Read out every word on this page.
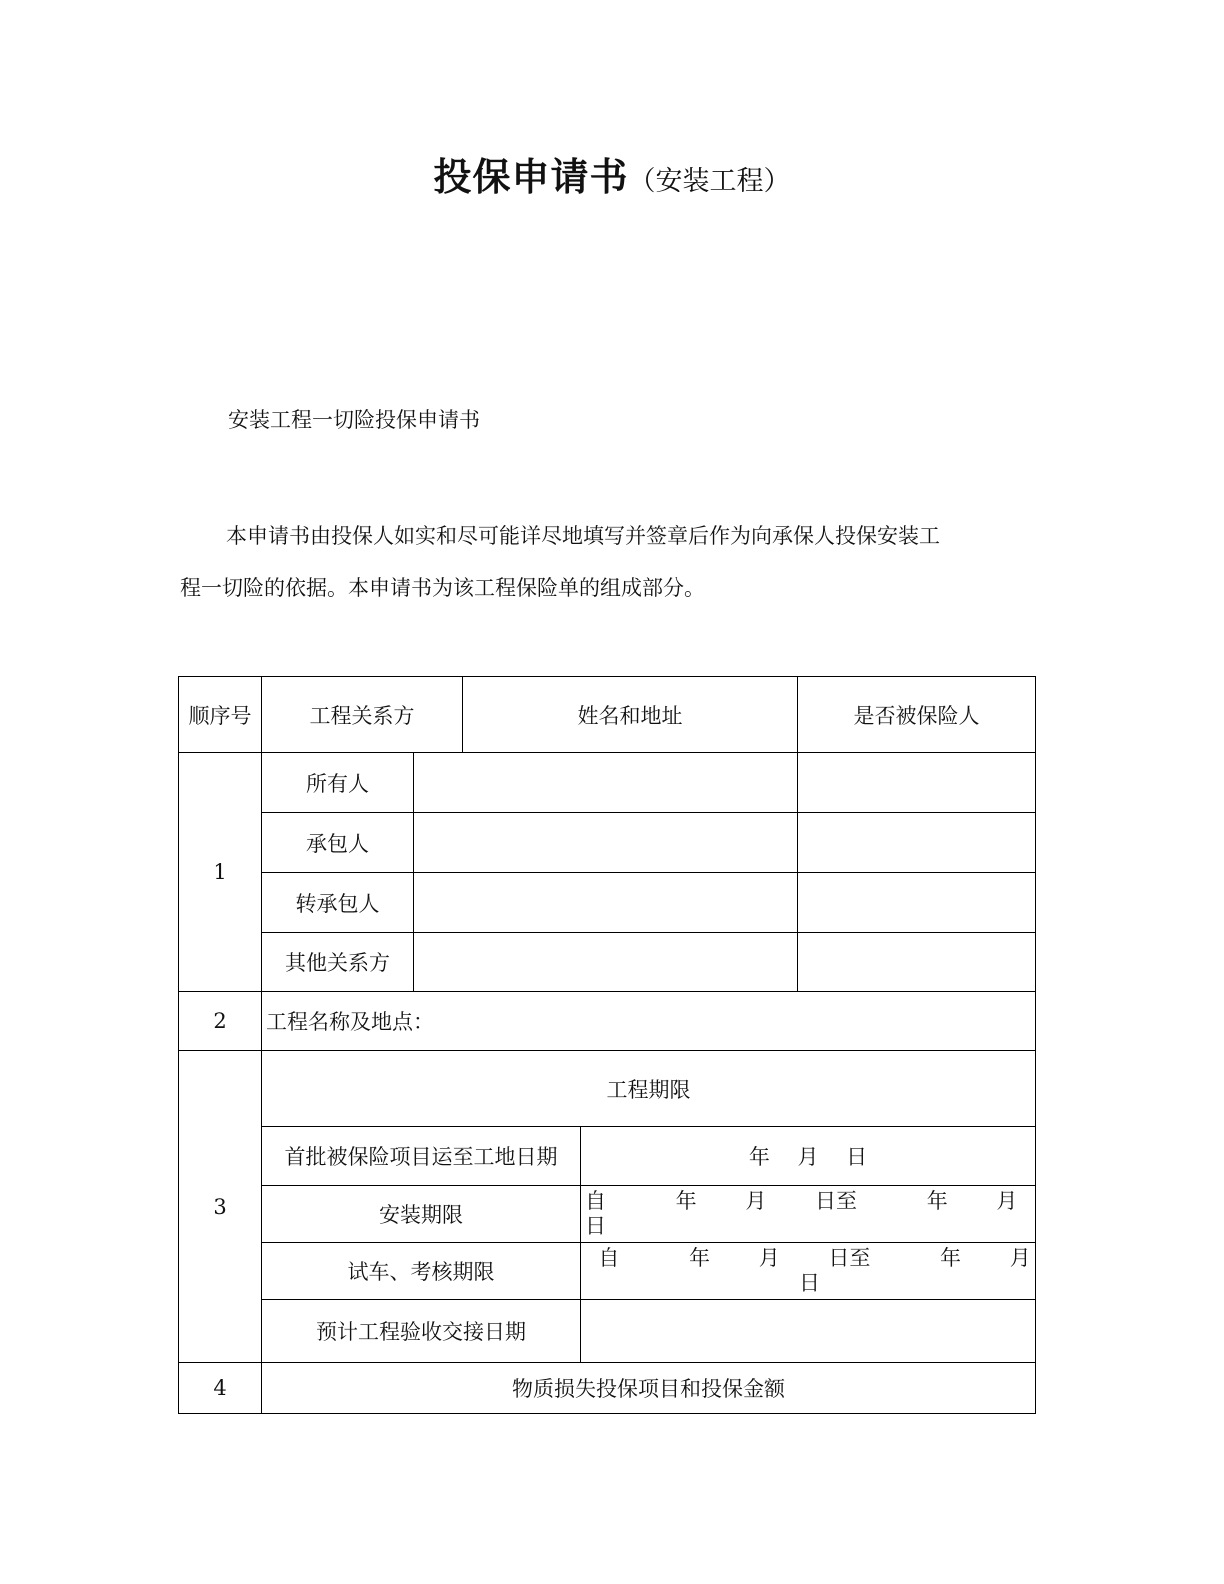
投保申请书（安装工程）
安装工程一切险投保申请书
本申请书由投保人如实和尽可能详尽地填写并签章后作为向承保人投保安装工
程一切险的依据。本申请书为该工程保险单的组成部分。
顺序号	工程关系方		姓名和地址		是否被保险人
1	所有人				
	承包人				
	转承包人				
	其他关系方				
2	工程名称及地点：				
3	工程期限				
	首批被保险项目运至工地日期			年　 月　 日	
	安装期限			自　　　 年　　 月　　 日至　　　 年　　 月
日	

	试车、考核期限			自　　　 年　　 月　　 日至　　　 年　　 月
日	

	预计工程验收交接日期				
4	物质损失投保项目和投保金额				
